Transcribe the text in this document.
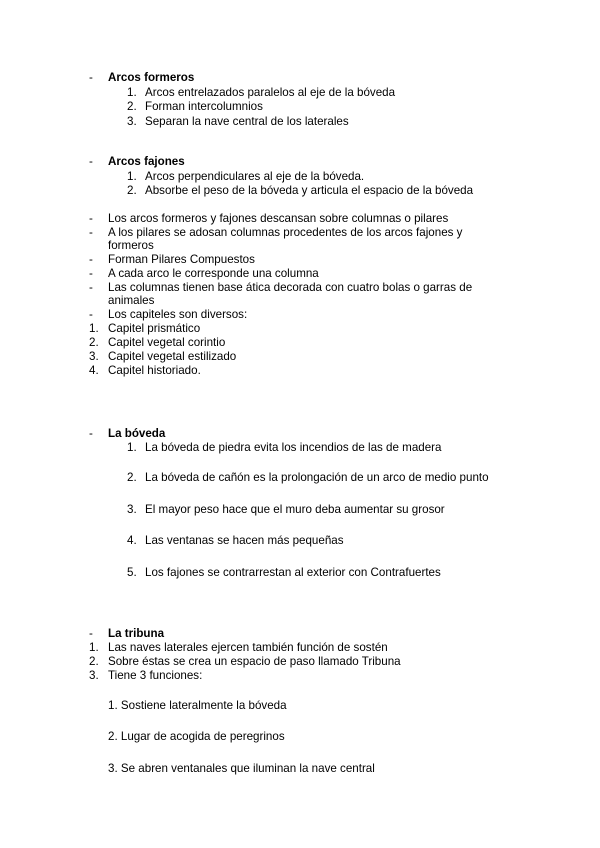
-	Arcos formeros
1. Arcos entrelazados paralelos al eje de la bóveda
2. Forman intercolumnios
3. Separan la nave central de los laterales
-	Arcos fajones
1. Arcos perpendiculares al eje de la bóveda.
2. Absorbe el peso de la bóveda y articula el espacio de la bóveda
-	Los arcos formeros y fajones descansan sobre columnas o pilares
-	A los pilares se adosan columnas procedentes de los arcos fajones y
formeros
-	Forman Pilares Compuestos
-	A cada arco le corresponde una columna
-	Las columnas tienen base ática decorada con cuatro bolas o garras de
animales
-	Los capiteles son diversos:
1. Capitel prismático
2. Capitel vegetal corintio
3. Capitel vegetal estilizado
4. Capitel historiado.
-	La bóveda
1. La bóveda de piedra evita los incendios de las de madera
2. La bóveda de cañón es la prolongación de un arco de medio punto
3. El mayor peso hace que el muro deba aumentar su grosor
4. Las ventanas se hacen más pequeñas
5. Los fajones se contrarrestan al exterior con Contrafuertes
-	La tribuna
1. Las naves laterales ejercen también función de sostén
2. Sobre éstas se crea un espacio de paso llamado Tribuna
3. Tiene 3 funciones:
1. Sostiene lateralmente la bóveda
2. Lugar de acogida de peregrinos
3. Se abren ventanales que iluminan la nave central
